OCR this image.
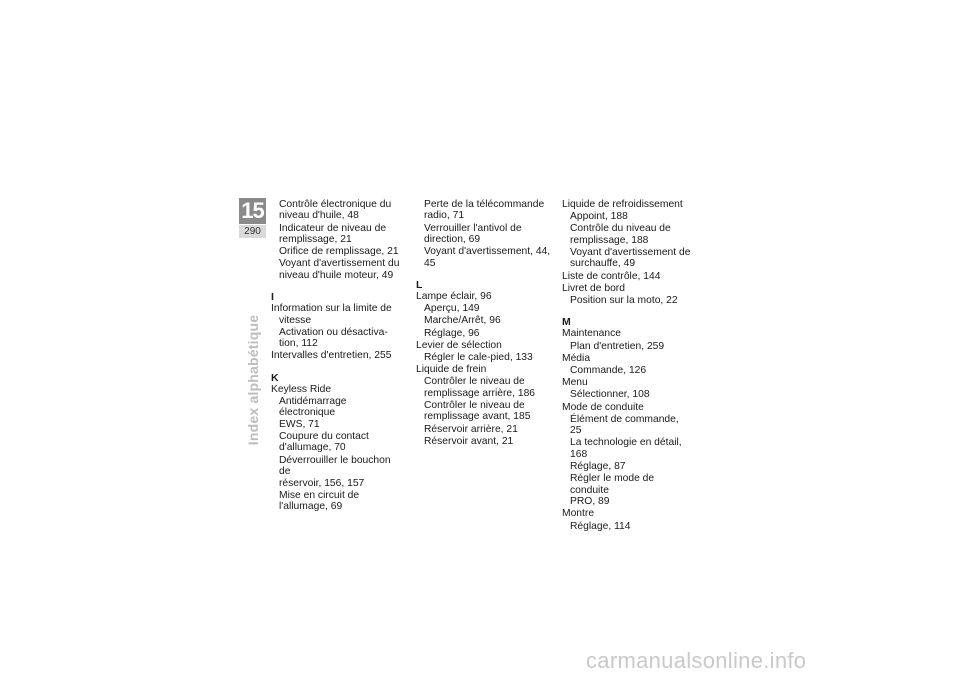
15
290
Index alphabétique
Contrôle électronique du niveau d'huile, 48
Indicateur de niveau de remplissage, 21
Orifice de remplissage, 21
Voyant d'avertissement du niveau d'huile moteur, 49
I
Information sur la limite de
vitesse
Activation ou désactiva-
tion, 112
Intervalles d'entretien, 255
K
Keyless Ride
Antidémarrage électronique
EWS, 71
Coupure du contact
d'allumage, 70
Déverrouiller le bouchon de
réservoir, 156, 157
Mise en circuit de
l'allumage, 69
Perte de la télécommande
radio, 71
Verrouiller l'antivol de
direction, 69
Voyant d'avertissement, 44, 45
L
Lampe éclair, 96
Aperçu, 149
Marche/Arrêt, 96
Réglage, 96
Levier de sélection
Régler le cale-pied, 133
Liquide de frein
Contrôler le niveau de
remplissage arrière, 186
Contrôler le niveau de
remplissage avant, 185
Réservoir arrière, 21
Réservoir avant, 21
Liquide de refroidissement
Appoint, 188
Contrôle du niveau de
remplissage, 188
Voyant d'avertissement de
surchauffe, 49
Liste de contrôle, 144
Livret de bord
Position sur la moto, 22
M
Maintenance
Plan d'entretien, 259
Média
Commande, 126
Menu
Sélectionner, 108
Mode de conduite
Élément de commande, 25
La technologie en détail, 168
Réglage, 87
Régler le mode de conduite
PRO, 89
Montre
Réglage, 114
carmanualsonline.info
